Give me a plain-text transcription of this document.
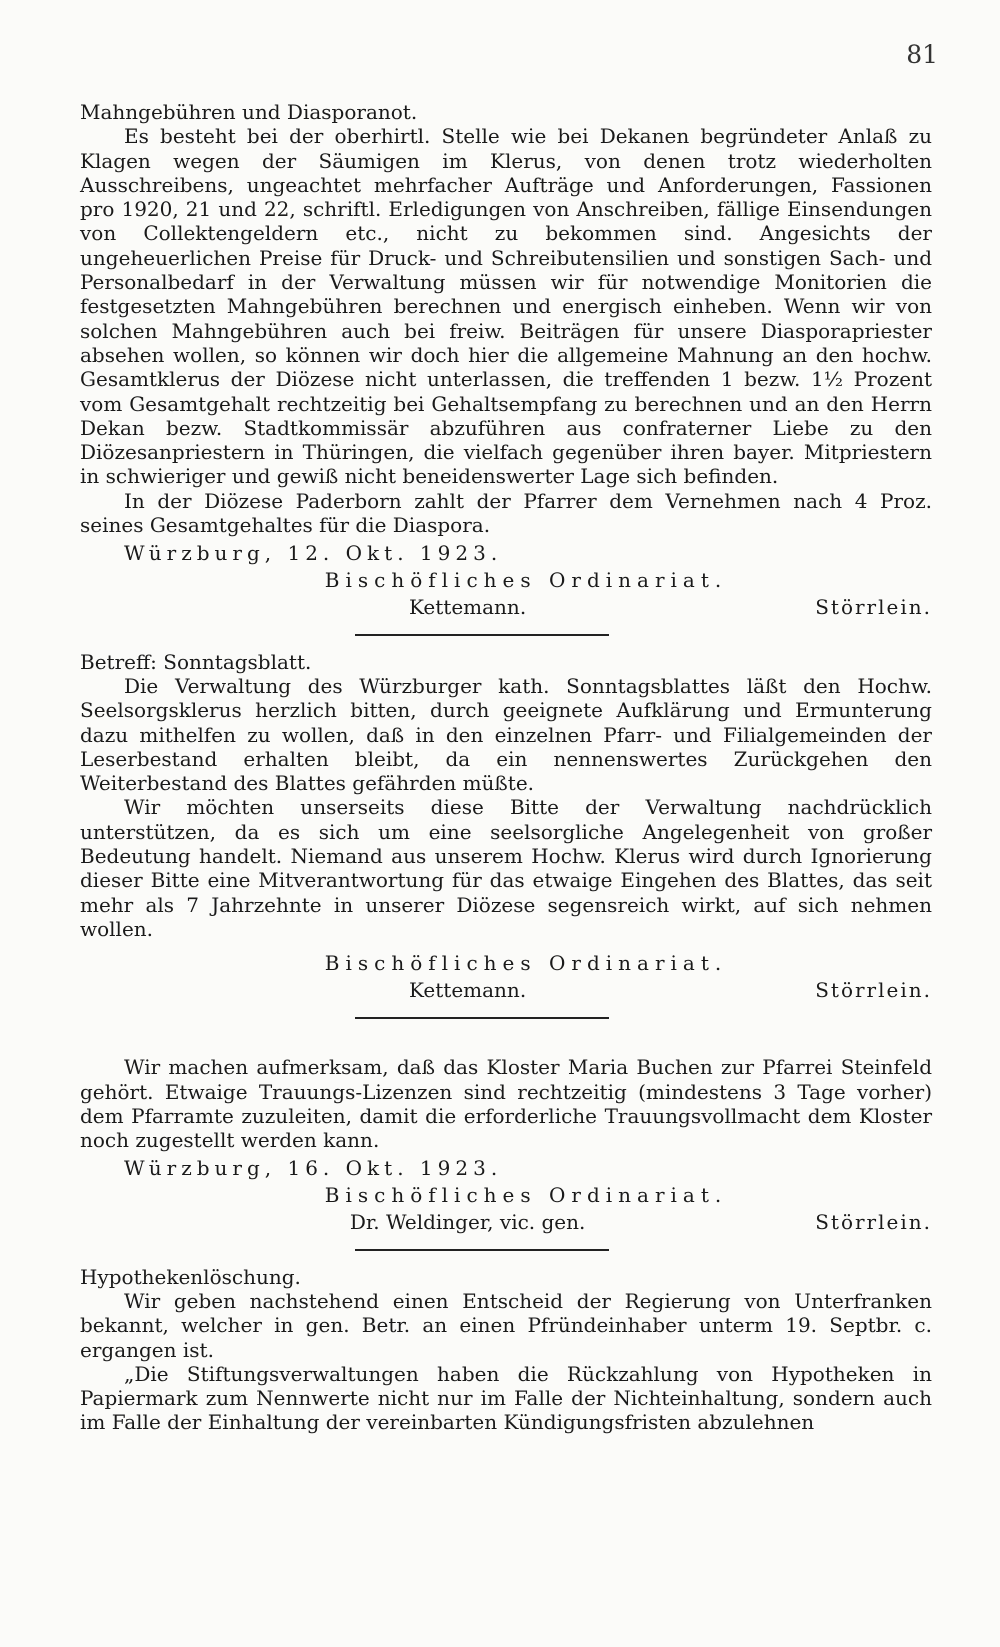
81

Mahngebühren und Diasporanot.

Es besteht bei der oberhirtl. Stelle wie bei Dekanen begründeter Anlaß zu Klagen wegen der Säumigen im Klerus, von denen trotz wiederholten Ausschreibens, ungeachtet mehrfacher Aufträge und Anforderungen, Fassionen pro 1920, 21 und 22, schriftl. Erledigungen von Anschreiben, fällige Einsendungen von Collektengeldern etc., nicht zu bekommen sind. Angesichts der ungeheuerlichen Preise für Druck- und Schreibutensilien und sonstigen Sach- und Personalbedarf in der Verwaltung müssen wir für notwendige Monitorien die festgesetzten Mahngebühren berechnen und energisch einheben. Wenn wir von solchen Mahngebühren auch bei freiw. Beiträgen für unsere Diasporapriester absehen wollen, so können wir doch hier die allgemeine Mahnung an den hochw. Gesamtklerus der Diözese nicht unterlassen, die treffenden 1 bezw. 1½ Prozent vom Gesamtgehalt rechtzeitig bei Gehaltsempfang zu berechnen und an den Herrn Dekan bezw. Stadtkommissär abzuführen aus confraterner Liebe zu den Diözesanpriestern in Thüringen, die vielfach gegenüber ihren bayer. Mitpriestern in schwieriger und gewiß nicht beneidenswerter Lage sich befinden.

In der Diözese Paderborn zahlt der Pfarrer dem Vernehmen nach 4 Proz. seines Gesamtgehaltes für die Diaspora.

Würzburg, 12. Okt. 1923.

Bischöfliches Ordinariat.
Kettemann.	Störrlein.

Betreff: Sonntagsblatt.

Die Verwaltung des Würzburger kath. Sonntagsblattes läßt den Hochw. Seelsorgsklerus herzlich bitten, durch geeignete Aufklärung und Ermunterung dazu mithelfen zu wollen, daß in den einzelnen Pfarr- und Filialgemeinden der Leserbestand erhalten bleibt, da ein nennenswertes Zurückgehen den Weiterbestand des Blattes gefährden müßte.

Wir möchten unserseits diese Bitte der Verwaltung nachdrücklich unterstützen, da es sich um eine seelsorgliche Angelegenheit von großer Bedeutung handelt. Niemand aus unserem Hochw. Klerus wird durch Ignorierung dieser Bitte eine Mitverantwortung für das etwaige Eingehen des Blattes, das seit mehr als 7 Jahrzehnte in unserer Diözese segensreich wirkt, auf sich nehmen wollen.

Bischöfliches Ordinariat.
Kettemann.	Störrlein.

Wir machen aufmerksam, daß das Kloster Maria Buchen zur Pfarrei Steinfeld gehört. Etwaige Trauungs-Lizenzen sind rechtzeitig (mindestens 3 Tage vorher) dem Pfarramte zuzuleiten, damit die erforderliche Trauungsvollmacht dem Kloster noch zugestellt werden kann.

Würzburg, 16. Okt. 1923.

Bischöfliches Ordinariat.
Dr. Weldinger, vic. gen.	Störrlein.

Hypothekenlöschung.

Wir geben nachstehend einen Entscheid der Regierung von Unterfranken bekannt, welcher in gen. Betr. an einen Pfründeinhaber unterm 19. Septbr. c. ergangen ist.

„Die Stiftungsverwaltungen haben die Rückzahlung von Hypotheken in Papiermark zum Nennwerte nicht nur im Falle der Nichteinhaltung, sondern auch im Falle der Einhaltung der vereinbarten Kündigungsfristen abzulehnen
